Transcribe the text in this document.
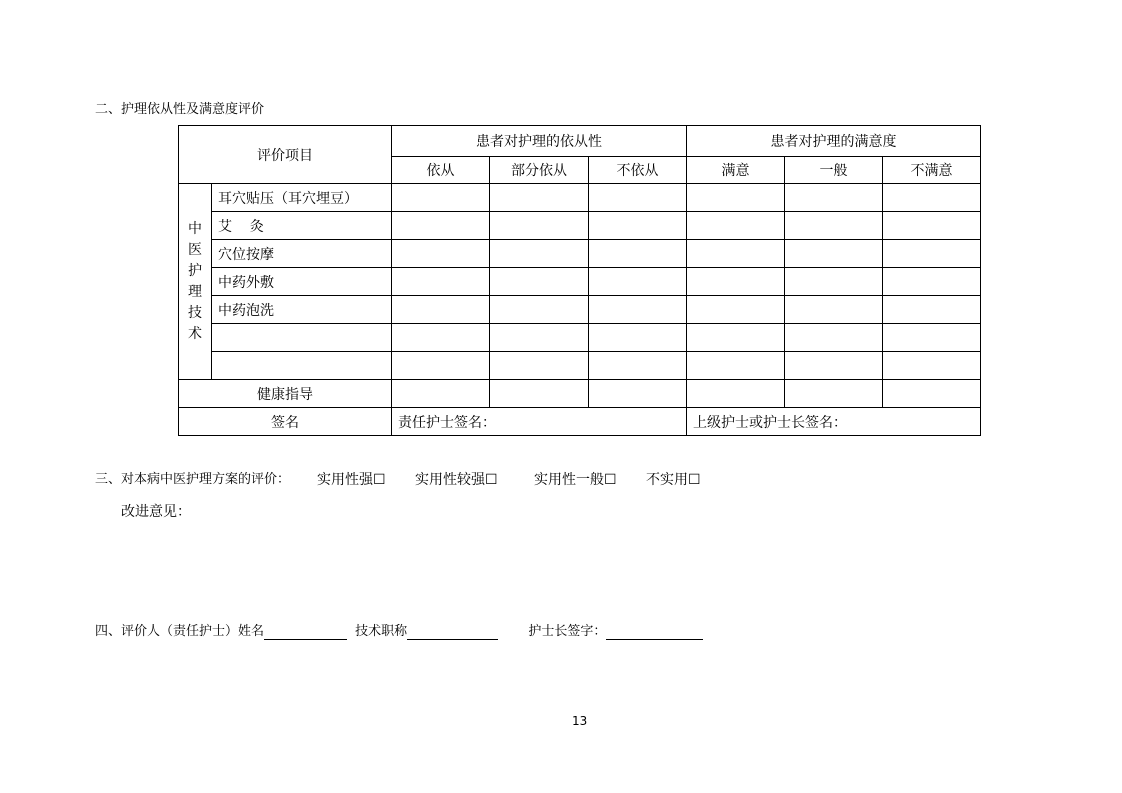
二、护理依从性及满意度评价
评价项目		患者对护理的依从性			患者对护理的满意度		
		依从	部分依从	不依从	满意	一般	不满意
中医护理技术	耳穴贴压（耳穴埋豆）						
	艾    灸						
	穴位按摩						
	中药外敷						
	中药泡洗						

健康指导							
签名		责任护士签名：			上级护士或护士长签名：		
三、对本病中医护理方案的评价： 实用性强☐ 实用性较强☐	实用性一般☐ 不实用☐
改进意见：
四、评价人（责任护士）姓名	技术职称	护士长签字：
13
